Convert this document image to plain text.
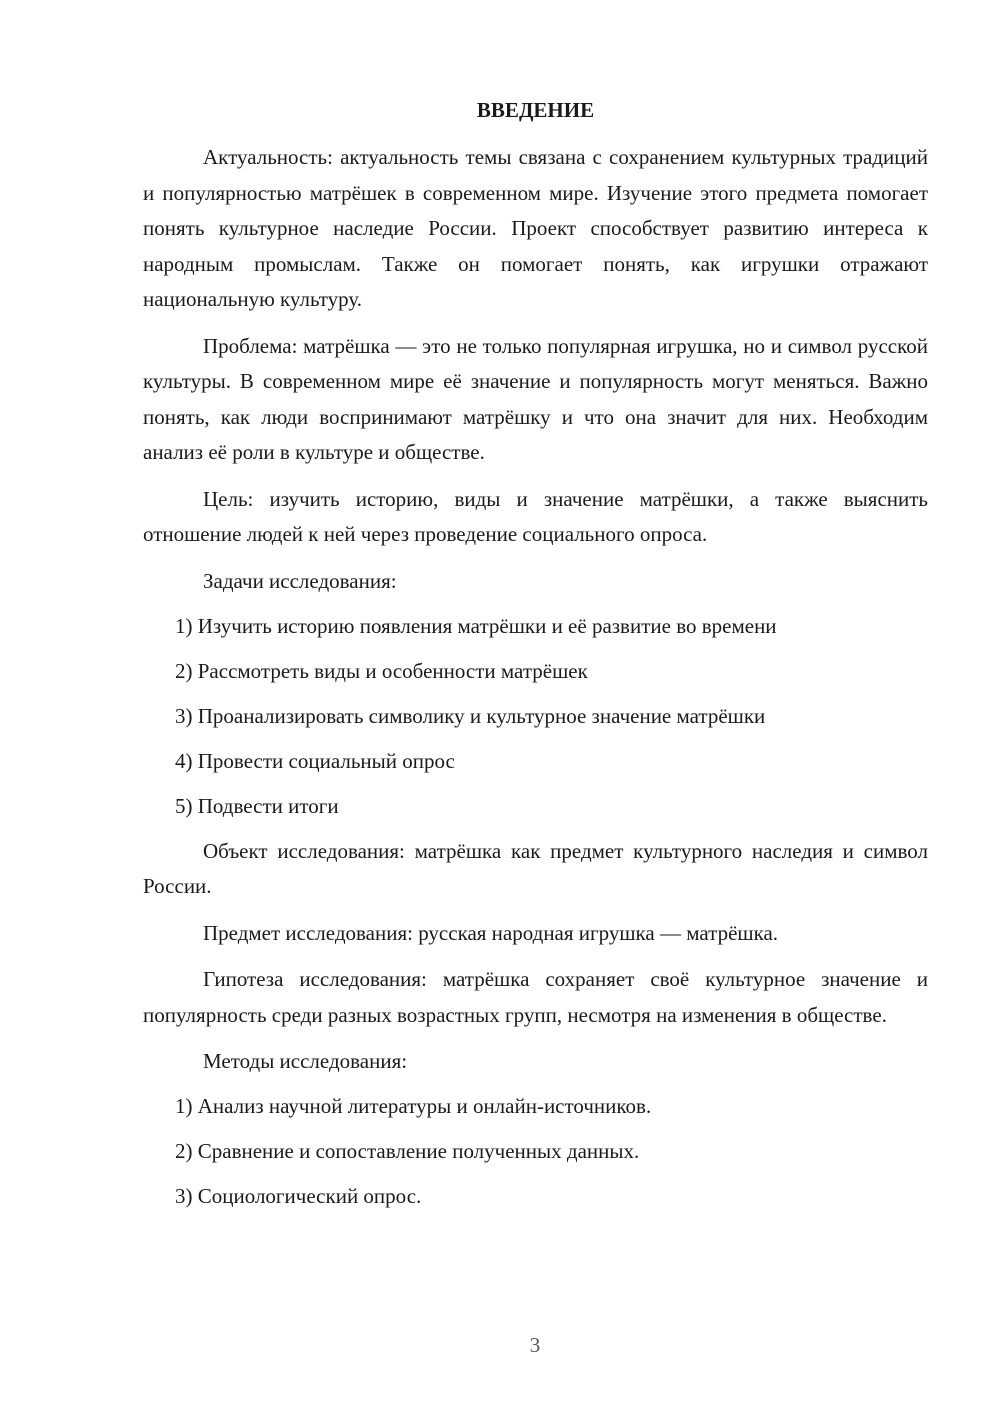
ВВЕДЕНИЕ

Актуальность: актуальность темы связана с сохранением культурных традиций и популярностью матрёшек в современном мире. Изучение этого предмета помогает понять культурное наследие России. Проект способствует развитию интереса к народным промыслам. Также он помогает понять, как игрушки отражают национальную культуру.

Проблема: матрёшка — это не только популярная игрушка, но и символ русской культуры. В современном мире её значение и популярность могут меняться. Важно понять, как люди воспринимают матрёшку и что она значит для них. Необходим анализ её роли в культуре и обществе.

Цель: изучить историю, виды и значение матрёшки, а также выяснить отношение людей к ней через проведение социального опроса.

Задачи исследования:

1) Изучить историю появления матрёшки и её развитие во времени
2) Рассмотреть виды и особенности матрёшек
3) Проанализировать символику и культурное значение матрёшки
4) Провести социальный опрос
5) Подвести итоги

Объект исследования: матрёшка как предмет культурного наследия и символ России.

Предмет исследования: русская народная игрушка — матрёшка.

Гипотеза исследования: матрёшка сохраняет своё культурное значение и популярность среди разных возрастных групп, несмотря на изменения в обществе.

Методы исследования:

1) Анализ научной литературы и онлайн-источников.
2) Сравнение и сопоставление полученных данных.
3) Социологический опрос.
3
